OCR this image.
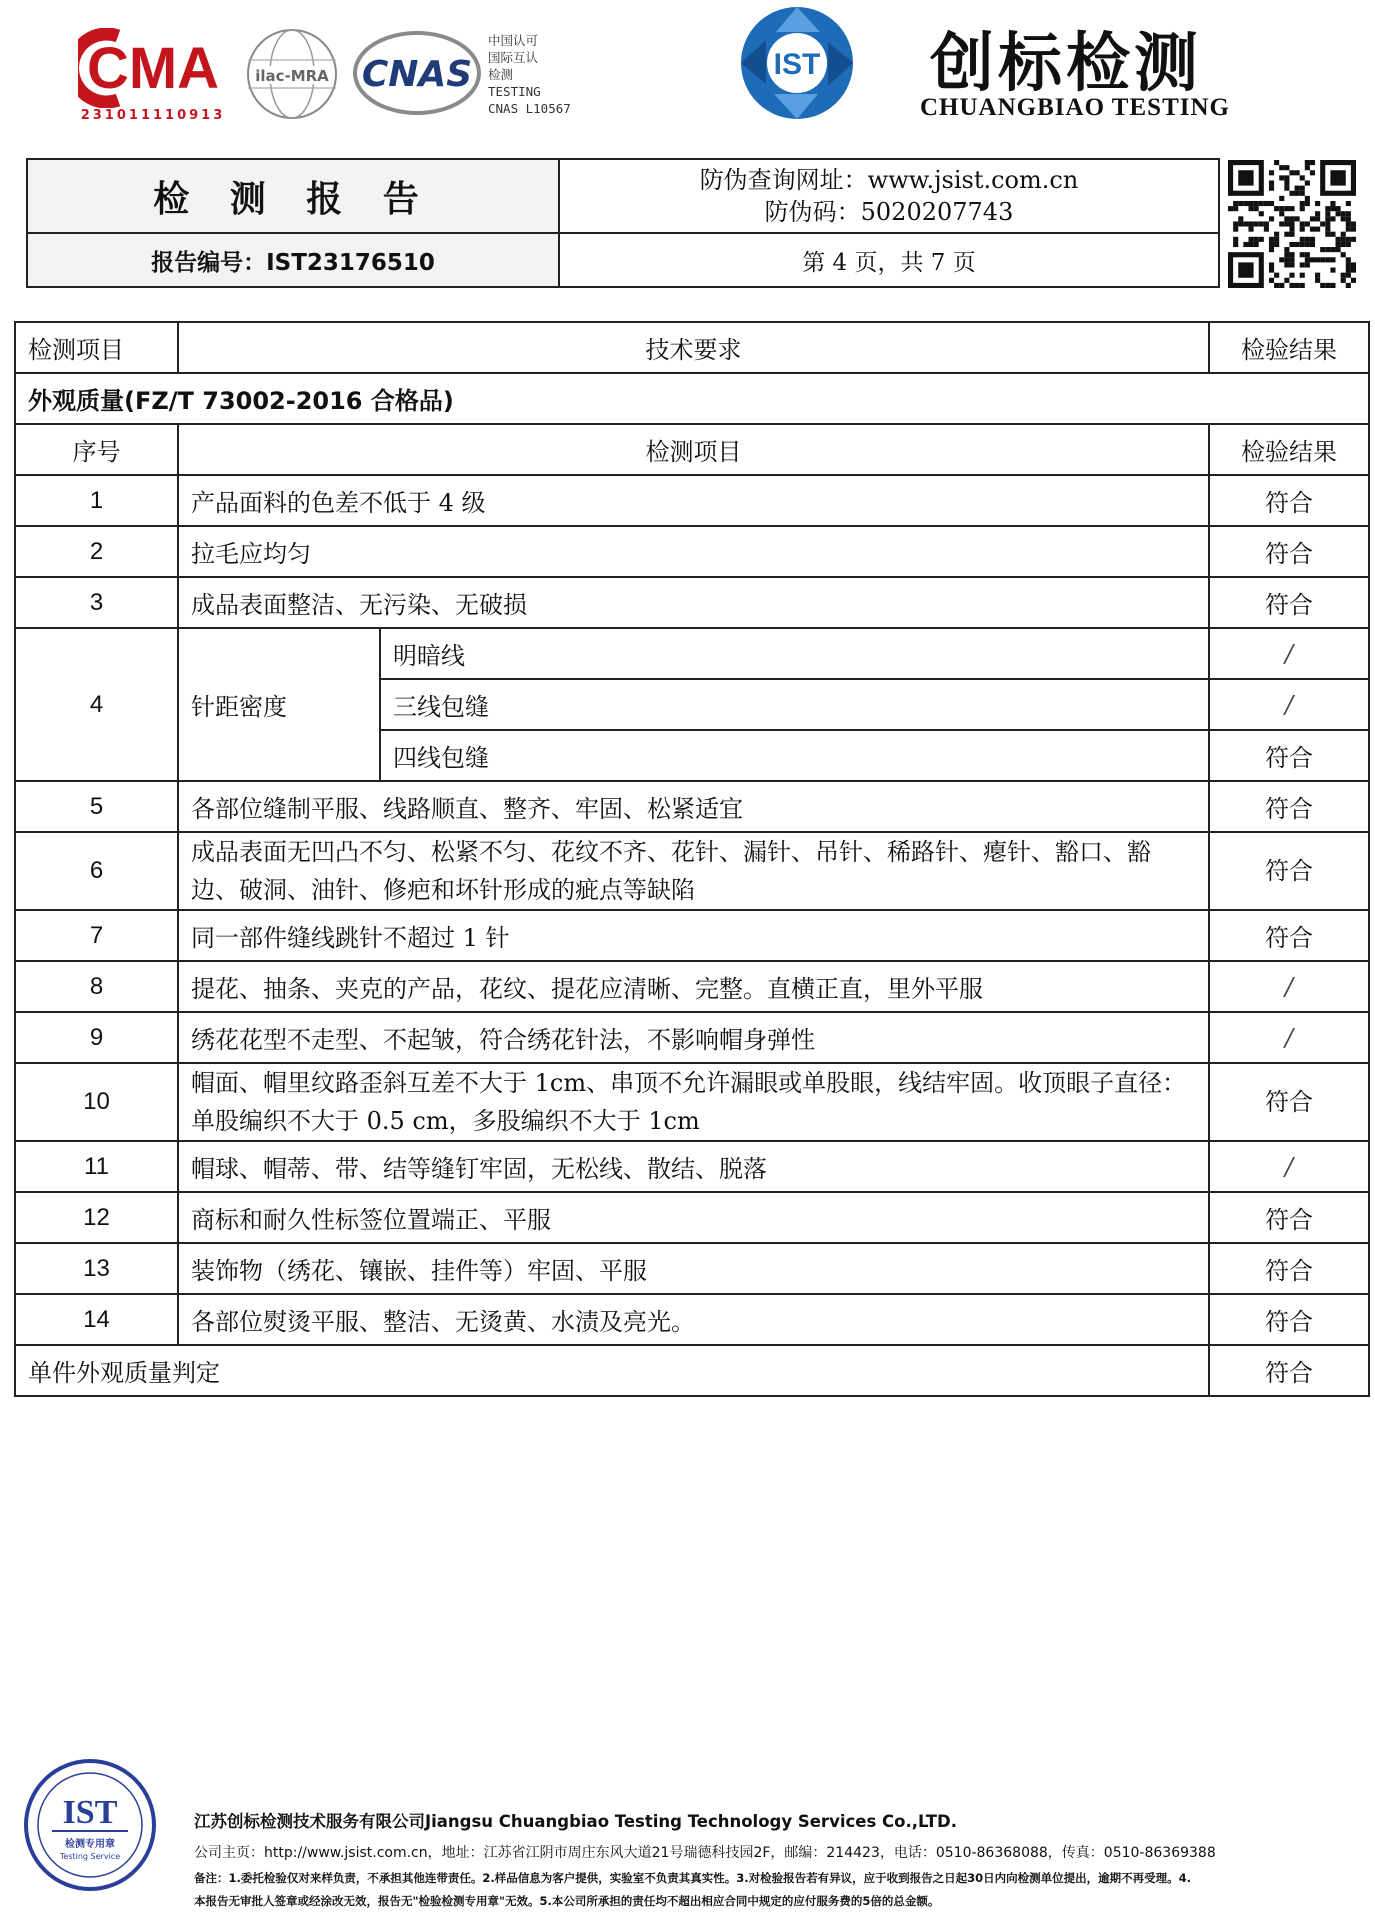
CMA
231011110913
ilac-MRA CNAS
中国认可
国际互认
检测
TESTING
CNAS L10567
IST 创标检测
CHUANGBIAO TESTING
检 测 报 告	防伪查询网址：www.jsist.com.cn
防伪码：5020207743
报告编号：IST23176510	第 4 页，共 7 页
检测项目	技术要求		检验结果
外观质量(FZ/T 73002-2016 合格品)			
序号	检测项目		检验结果
1	产品面料的色差不低于 4 级		符合
2	拉毛应均匀		符合
3	成品表面整洁、无污染、无破损		符合
4	针距密度	明暗线	/
		三线包缝	/
		四线包缝	符合
5	各部位缝制平服、线路顺直、整齐、牢固、松紧适宜		符合
6	成品表面无凹凸不匀、松紧不匀、花纹不齐、花针、漏针、吊针、稀路针、瘪针、豁口、豁边、破洞、油针、修疤和坏针形成的疵点等缺陷		符合
7	同一部件缝线跳针不超过 1 针		符合
8	提花、抽条、夹克的产品，花纹、提花应清晰、完整。直横正直，里外平服		/
9	绣花花型不走型、不起皱，符合绣花针法，不影响帽身弹性		/
10	帽面、帽里纹路歪斜互差不大于 1cm、串顶不允许漏眼或单股眼，线结牢固。收顶眼子直径：单股编织不大于 0.5 cm，多股编织不大于 1cm		符合
11	帽球、帽蒂、带、结等缝钉牢固，无松线、散结、脱落		/
12	商标和耐久性标签位置端正、平服		符合
13	装饰物（绣花、镶嵌、挂件等）牢固、平服		符合
14	各部位熨烫平服、整洁、无烫黄、水渍及亮光。		符合
单件外观质量判定			符合
IST
检测专用章
Testing Service
江苏创标检测技术服务有限公司Jiangsu Chuangbiao Testing Technology Services Co.,LTD.
公司主页：http://www.jsist.com.cn，地址：江苏省江阴市周庄东风大道21号瑞德科技园2F，邮编：214423，电话：0510-86368088，传真：0510-86369388
备注：1.委托检验仅对来样负责，不承担其他连带责任。2.样品信息为客户提供，实验室不负责其真实性。3.对检验报告若有异议，应于收到报告之日起30日内向检测单位提出，逾期不再受理。4.
本报告无审批人签章或经涂改无效，报告无"检验检测专用章"无效。5.本公司所承担的责任均不超出相应合同中规定的应付服务费的5倍的总金额。
